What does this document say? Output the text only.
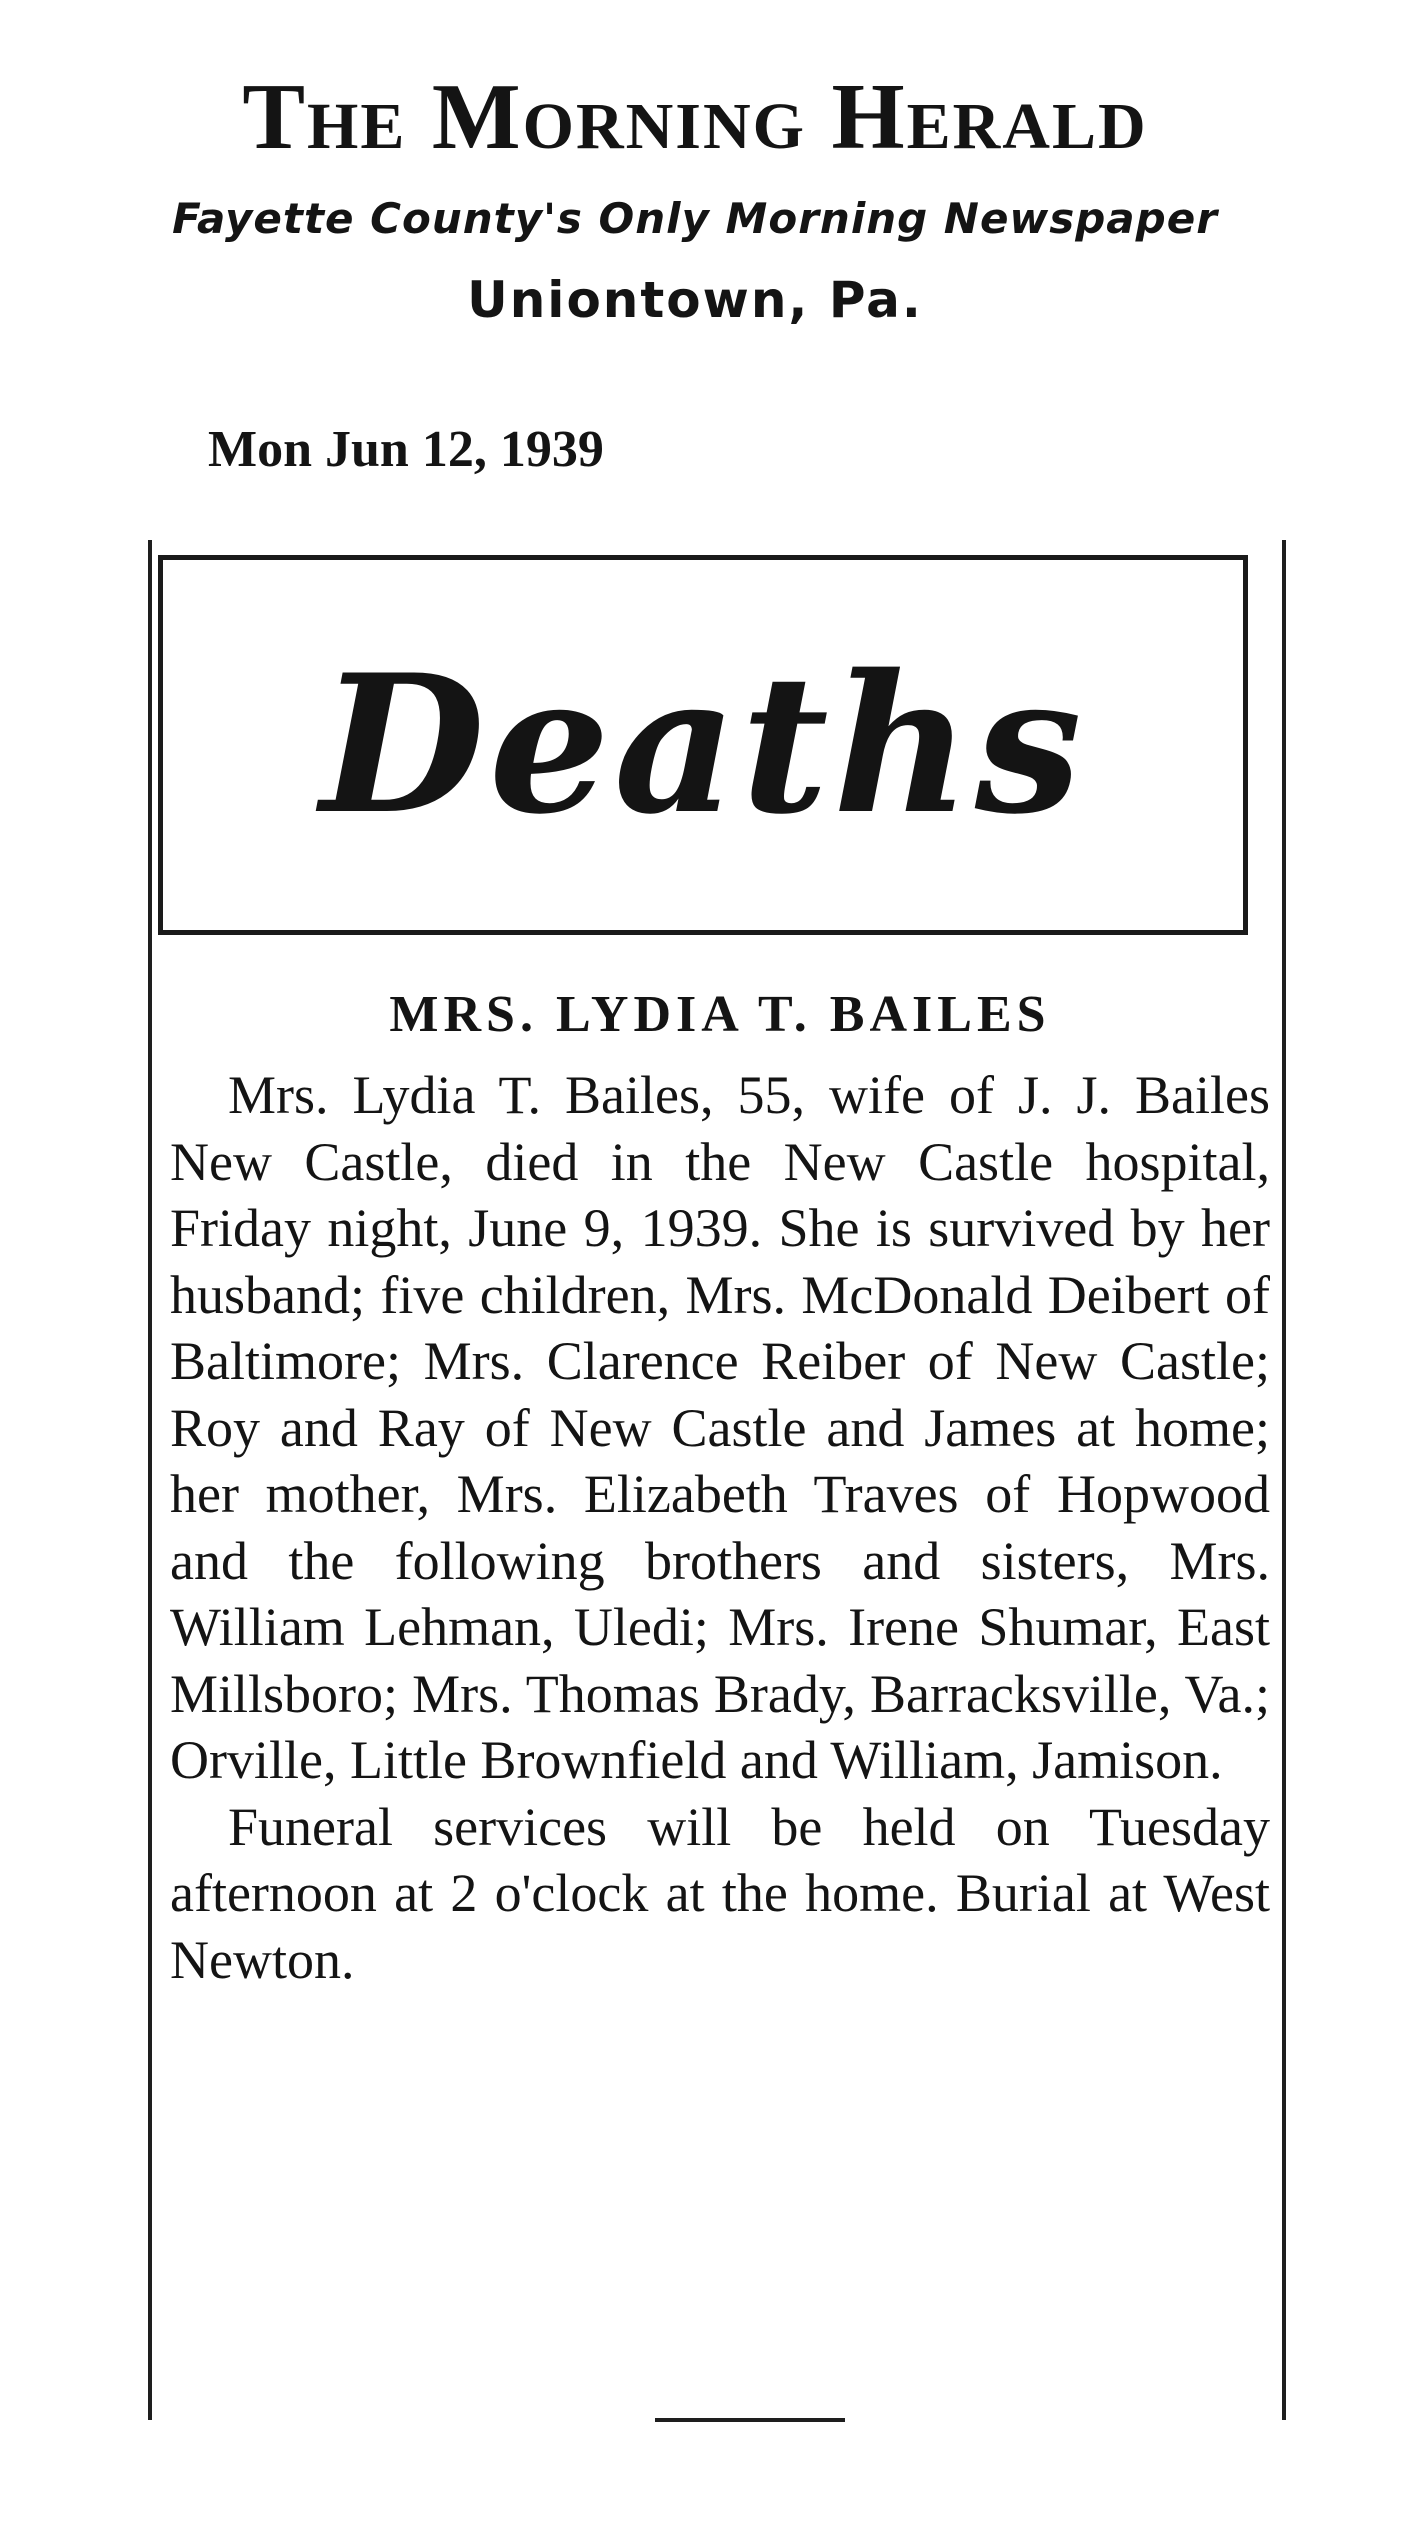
The Morning Herald
Fayette County's Only Morning Newspaper
Uniontown, Pa.
Mon Jun 12, 1939
Deaths
MRS. LYDIA T. BAILES

Mrs. Lydia T. Bailes, 55, wife of J. J. Bailes New Castle, died in the New Castle hospital, Friday night, June 9, 1939. She is survived by her husband; five children, Mrs. McDonald Deibert of Baltimore; Mrs. Clarence Reiber of New Castle; Roy and Ray of New Castle and James at home; her mother, Mrs. Elizabeth Traves of Hopwood and the following brothers and sisters, Mrs. William Lehman, Uledi; Mrs. Irene Shumar, East Millsboro; Mrs. Thomas Brady, Barracksville, Va.; Orville, Little Brownfield and William, Jamison.

Funeral services will be held on Tuesday afternoon at 2 o'clock at the home. Burial at West Newton.
